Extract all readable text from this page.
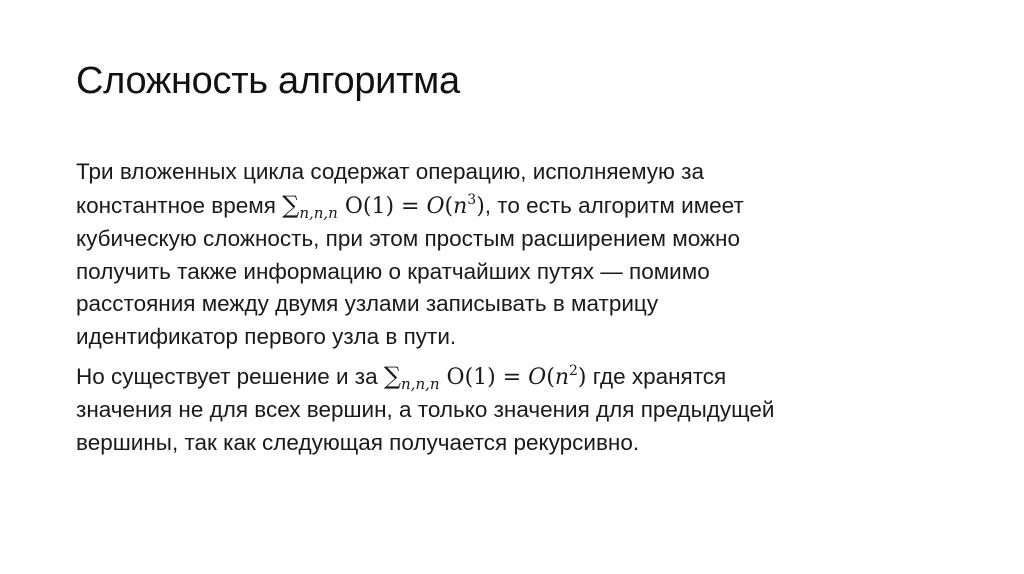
Сложность алгоритма

Три вложенных цикла содержат операцию, исполняемую за
константное время $\sum_{n,n,n}$ $O(1) = O(n^3)$, то есть алгоритм имеет
кубическую сложность, при этом простым расширением можно
получить также информацию о кратчайших путях — помимо
расстояния между двумя узлами записывать в матрицу
идентификатор первого узла в пути.

Но существует решение и за $\sum_{n,n,n}$ $O(1) = O(n^2)$ где хранятся
значения не для всех вершин, а только значения для предыдущей
вершины, так как следующая получается рекурсивно.
